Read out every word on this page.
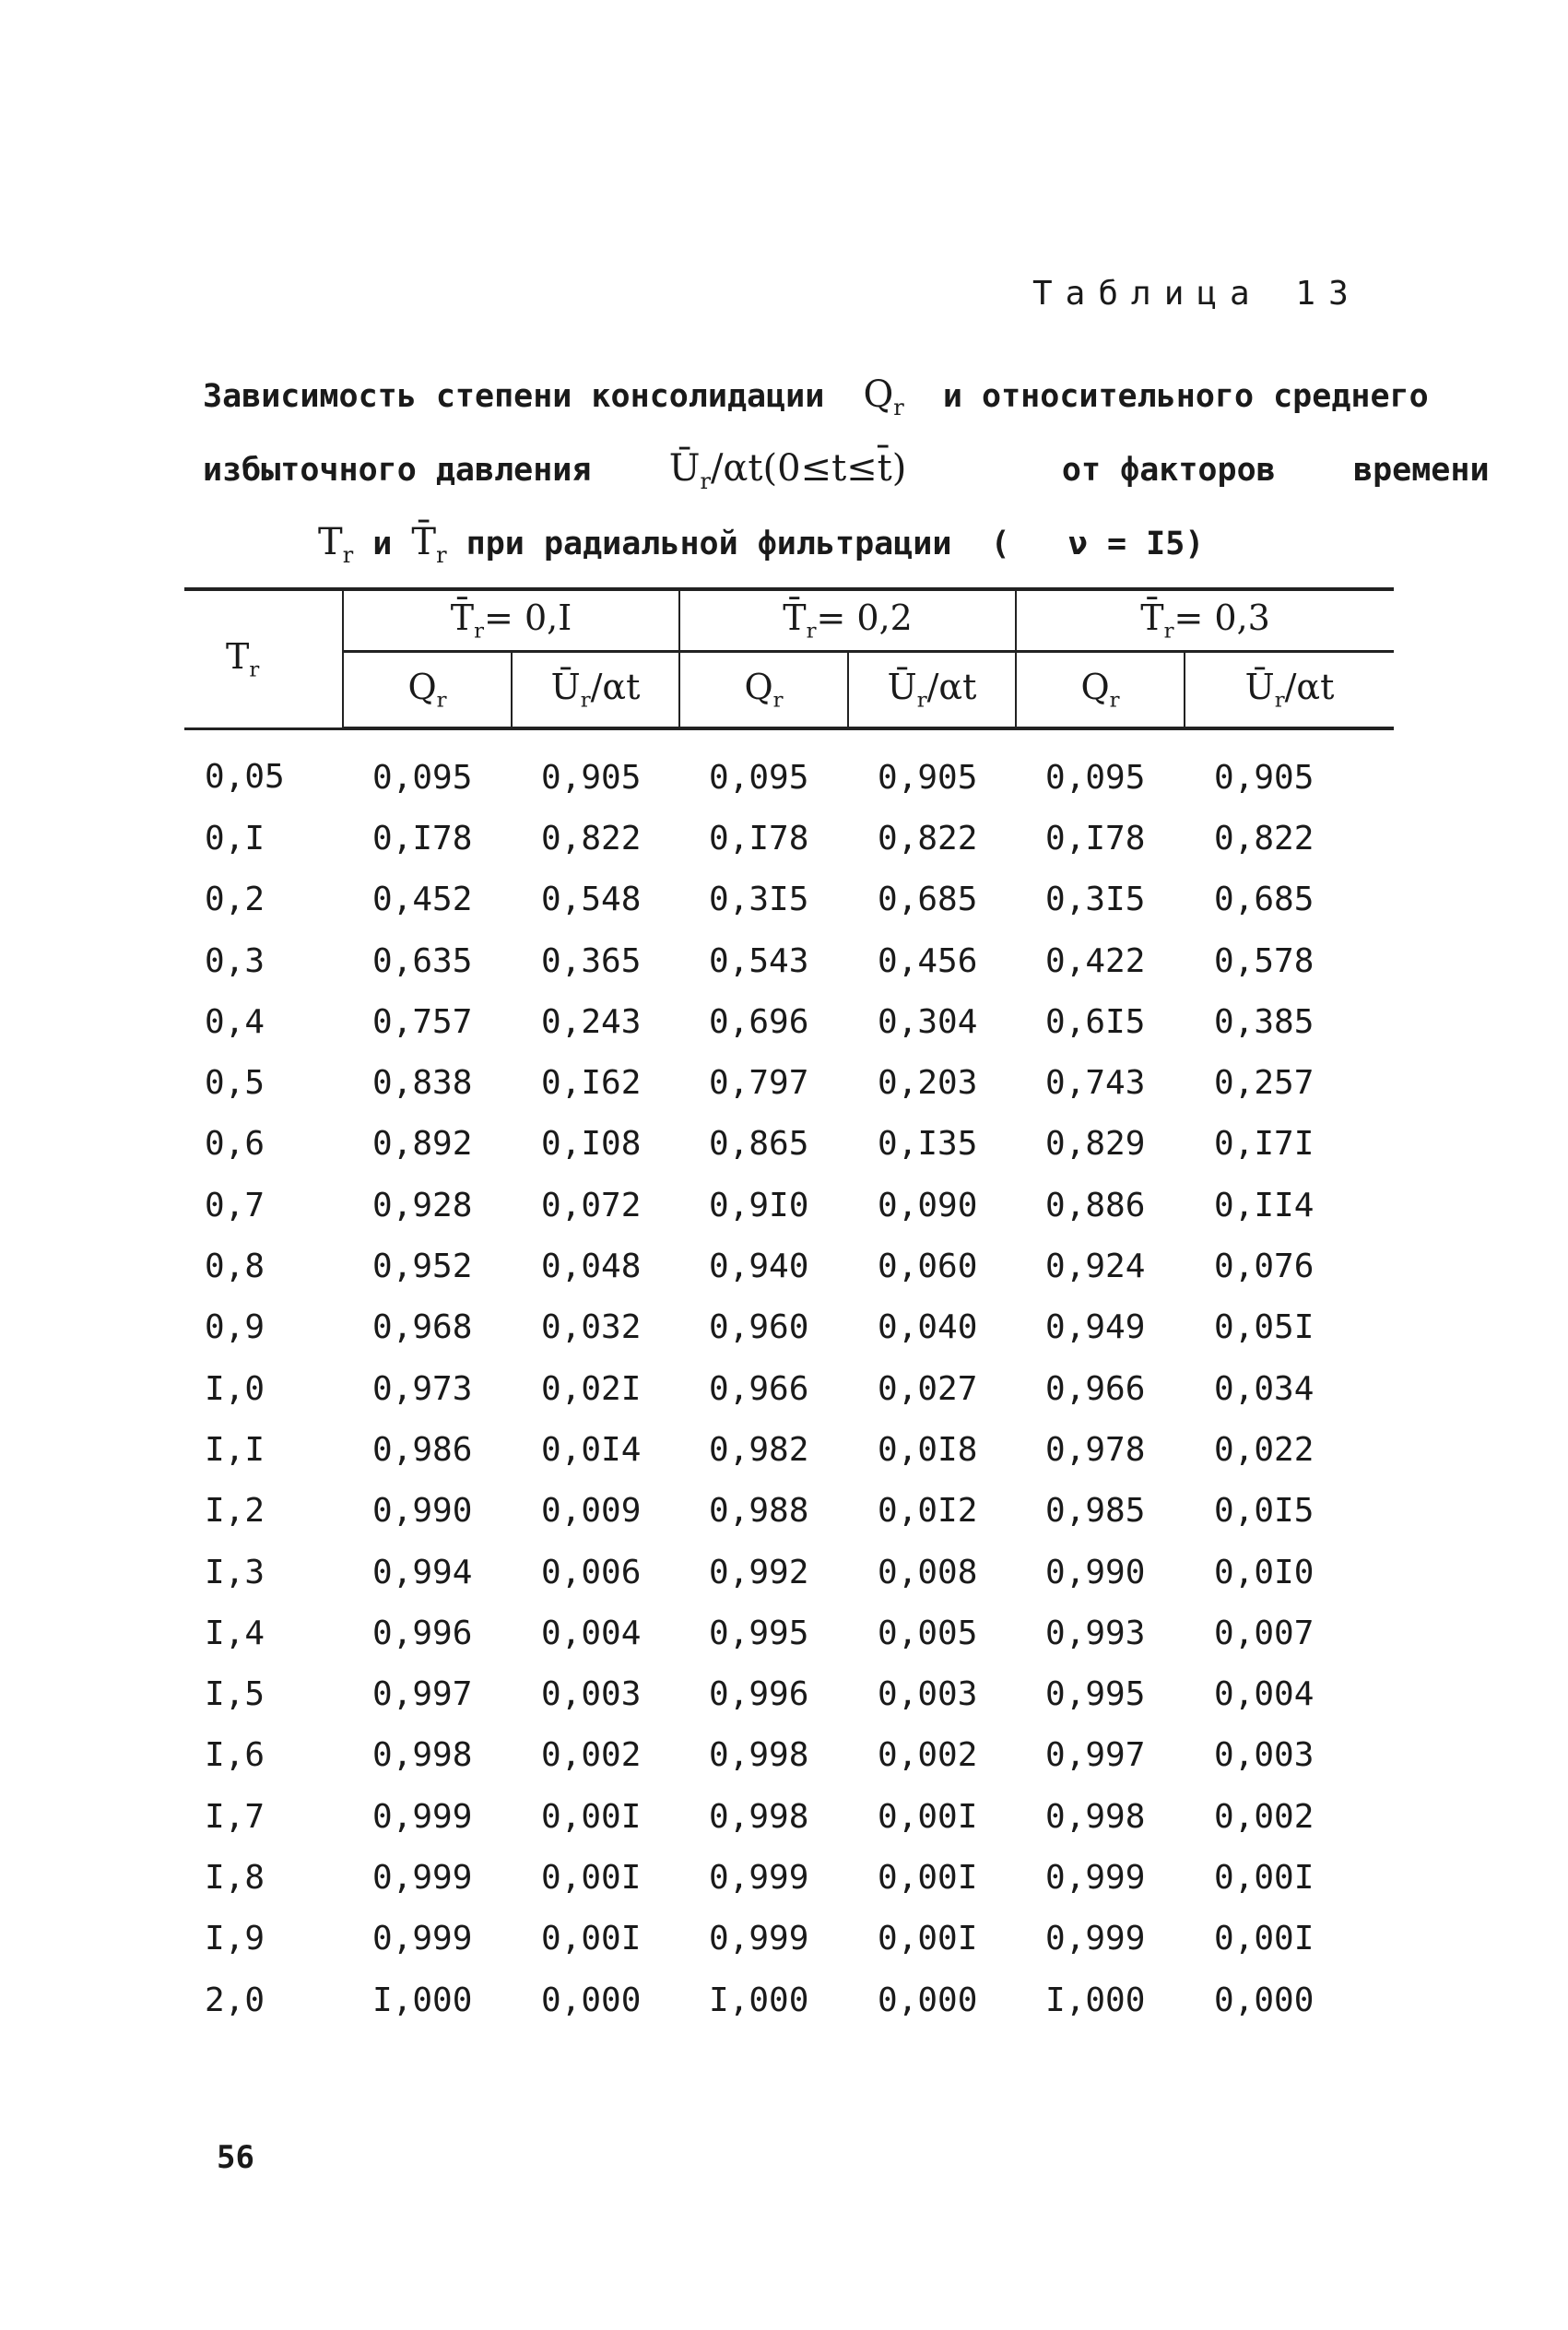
Таблица 13
Зависимость степени консолидации $Q_r$ и относительного среднего
избыточного давления $Ū_r/\alpha t(0\le t\le t̄)$	от факторов времени
$T_r$ и $T̄_r$ при радиальной фильтрации  (   ν = I5)
$T_r$	$T̄_r= 0,I$		$T̄_r= 0,2$		$T̄_r= 0,3$	
	$Q_r$	$Ū_r/\alpha t$	$Q_r$	$Ū_r/\alpha t$	$Q_r$	$Ū_r/\alpha t$
0,05	0,095	0,905	0,095	0,905	0,095	0,905
0,I	0,I78	0,822	0,I78	0,822	0,I78	0,822
0,2	0,452	0,548	0,3I5	0,685	0,3I5	0,685
0,3	0,635	0,365	0,543	0,456	0,422	0,578
0,4	0,757	0,243	0,696	0,304	0,6I5	0,385
0,5	0,838	0,I62	0,797	0,203	0,743	0,257
0,6	0,892	0,I08	0,865	0,I35	0,829	0,I7I
0,7	0,928	0,072	0,9I0	0,090	0,886	0,II4
0,8	0,952	0,048	0,940	0,060	0,924	0,076
0,9	0,968	0,032	0,960	0,040	0,949	0,05I
I,0	0,973	0,02I	0,966	0,027	0,966	0,034
I,I	0,986	0,0I4	0,982	0,0I8	0,978	0,022
I,2	0,990	0,009	0,988	0,0I2	0,985	0,0I5
I,3	0,994	0,006	0,992	0,008	0,990	0,0I0
I,4	0,996	0,004	0,995	0,005	0,993	0,007
I,5	0,997	0,003	0,996	0,003	0,995	0,004
I,6	0,998	0,002	0,998	0,002	0,997	0,003
I,7	0,999	0,00I	0,998	0,00I	0,998	0,002
I,8	0,999	0,00I	0,999	0,00I	0,999	0,00I
I,9	0,999	0,00I	0,999	0,00I	0,999	0,00I
2,0	I,000	0,000	I,000	0,000	I,000	0,000
56
